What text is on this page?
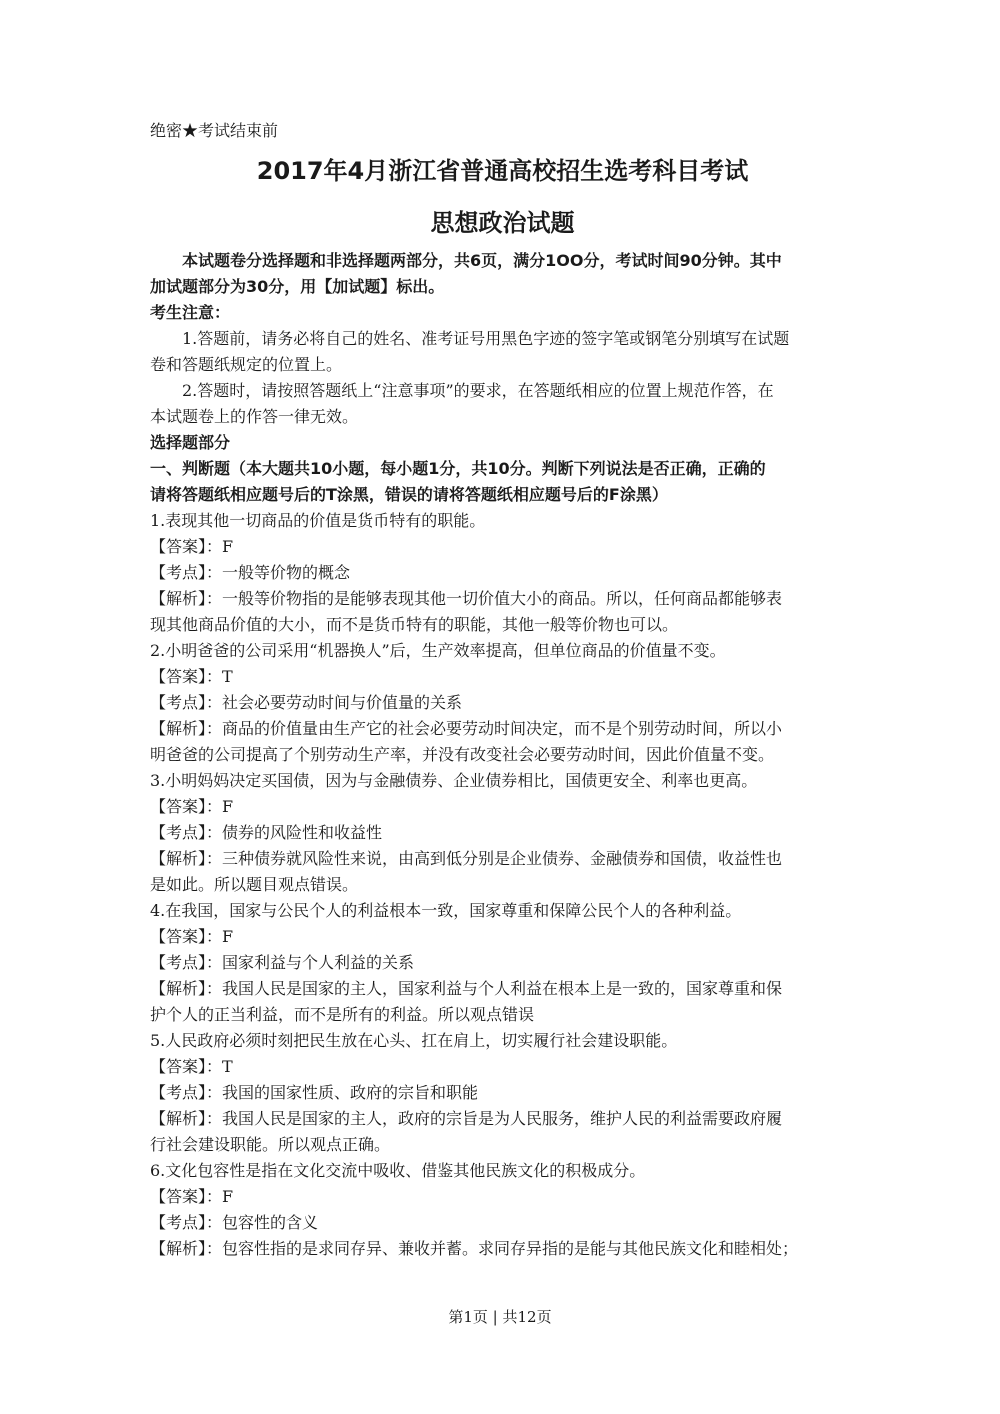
绝密★考试结束前
2017年4月浙江省普通高校招生选考科目考试
思想政治试题
本试题卷分选择题和非选择题两部分，共6页，满分1OO分，考试时间90分钟。其中
加试题部分为30分，用【加试题】标出。
考生注意：
1.答题前，请务必将自己的姓名、准考证号用黑色字迹的签字笔或钢笔分别填写在试题
卷和答题纸规定的位置上。
2.答题时，请按照答题纸上“注意事项”的要求，在答题纸相应的位置上规范作答，在
本试题卷上的作答一律无效。
选择题部分
一、判断题（本大题共10小题，每小题1分，共10分。判断下列说法是否正确，正确的
请将答题纸相应题号后的T涂黑，错误的请将答题纸相应题号后的F涂黑）
1.表现其他一切商品的价值是货币特有的职能。
【答案】：F
【考点】：一般等价物的概念
【解析】：一般等价物指的是能够表现其他一切价值大小的商品。所以，任何商品都能够表
现其他商品价值的大小，而不是货币特有的职能，其他一般等价物也可以。
2.小明爸爸的公司采用“机器换人”后，生产效率提高，但单位商品的价值量不变。
【答案】：T
【考点】：社会必要劳动时间与价值量的关系
【解析】：商品的价值量由生产它的社会必要劳动时间决定，而不是个别劳动时间，所以小
明爸爸的公司提高了个别劳动生产率，并没有改变社会必要劳动时间，因此价值量不变。
3.小明妈妈决定买国债，因为与金融债券、企业债券相比，国债更安全、利率也更高。
【答案】：F
【考点】：债券的风险性和收益性
【解析】：三种债券就风险性来说，由高到低分别是企业债券、金融债券和国债，收益性也
是如此。所以题目观点错误。
4.在我国，国家与公民个人的利益根本一致，国家尊重和保障公民个人的各种利益。
【答案】：F
【考点】：国家利益与个人利益的关系
【解析】：我国人民是国家的主人，国家利益与个人利益在根本上是一致的，国家尊重和保
护个人的正当利益，而不是所有的利益。所以观点错误
5.人民政府必须时刻把民生放在心头、扛在肩上，切实履行社会建设职能。
【答案】：T
【考点】：我国的国家性质、政府的宗旨和职能
【解析】：我国人民是国家的主人，政府的宗旨是为人民服务，维护人民的利益需要政府履
行社会建设职能。所以观点正确。
6.文化包容性是指在文化交流中吸收、借鉴其他民族文化的积极成分。
【答案】：F
【考点】：包容性的含义
【解析】：包容性指的是求同存异、兼收并蓄。求同存异指的是能与其他民族文化和睦相处；
第1页 | 共12页
